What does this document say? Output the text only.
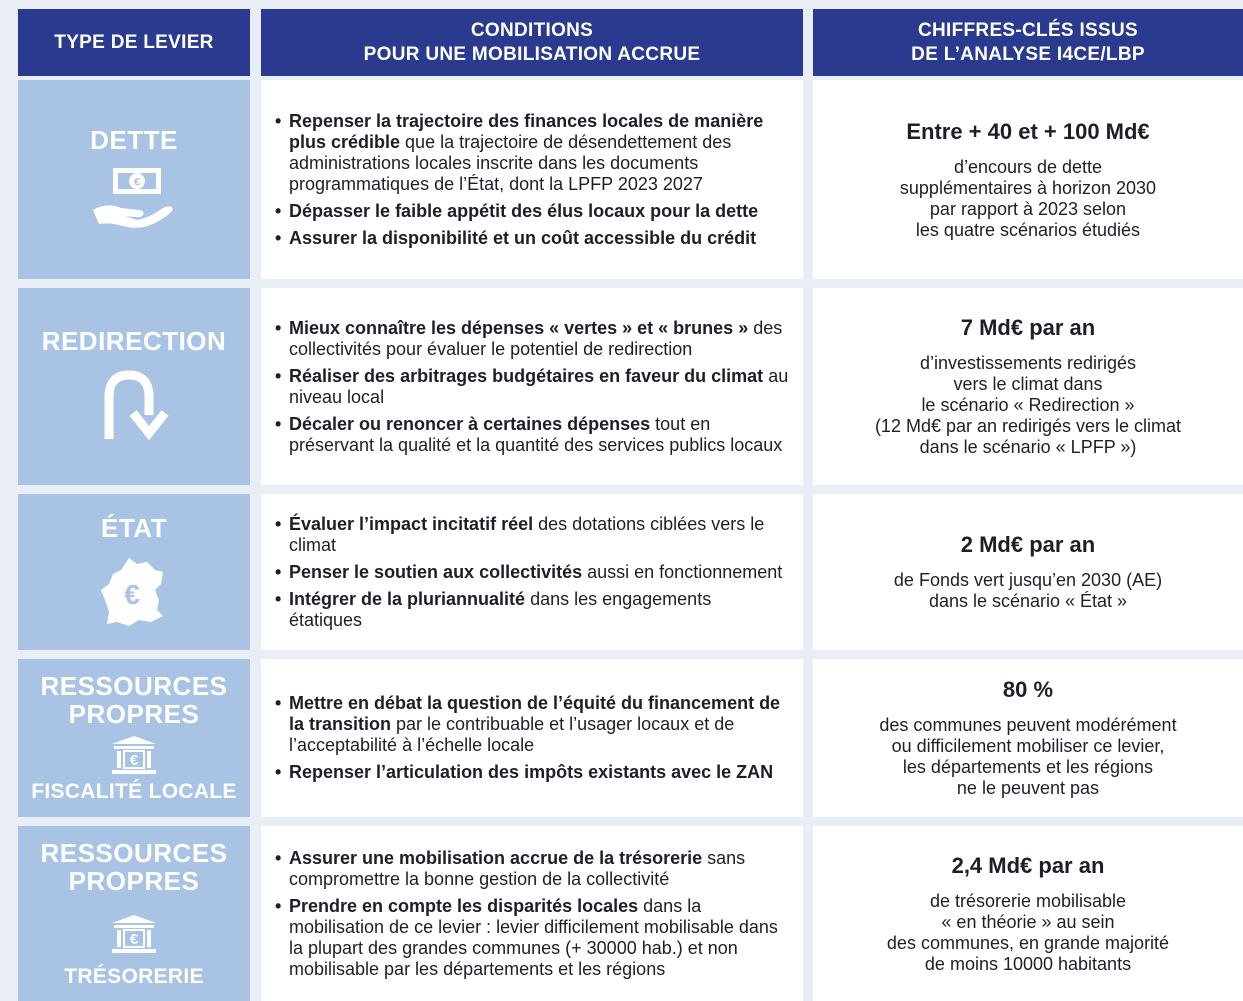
TYPE DE LEVIER
CONDITIONS
POUR UNE MOBILISATION ACCRUE
CHIFFRES-CLÉS ISSUS
DE L’ANALYSE I4CE/LBP
DETTE
€
• Repenser la trajectoire des finances locales de manière plus crédible que la trajectoire de désendettement des administrations locales inscrite dans les documents programmatiques de l’État, dont la LPFP 2023 2027
• Dépasser le faible appétit des élus locaux pour la dette
• Assurer la disponibilité et un coût accessible du crédit
Entre + 40 et + 100 Md€
d’encours de dette
supplémentaires à horizon 2030
par rapport à 2023 selon
les quatre scénarios étudiés
REDIRECTION	• Mieux connaître les dépenses « vertes » et « brunes » des collectivités pour évaluer le potentiel de redirection
• Réaliser des arbitrages budgétaires en faveur du climat au niveau local
• Décaler ou renoncer à certaines dépenses tout en préservant la qualité et la quantité des services publics locaux
7 Md€ par an
d’investissements redirigés
vers le climat dans
le scénario « Redirection »
(12 Md€ par an redirigés vers le climat
dans le scénario « LPFP »)
ÉTAT
€
• Évaluer l’impact incitatif réel des dotations ciblées vers le climat
• Penser le soutien aux collectivités aussi en fonctionnement
• Intégrer de la pluriannualité dans les engagements étatiques
2 Md€ par an
de Fonds vert jusqu’en 2030 (AE)
dans le scénario « État »
RESSOURCES
PROPRES
€
FISCALITÉ LOCALE
• Mettre en débat la question de l’équité du financement de la transition par le contribuable et l’usager locaux et de l’acceptabilité à l’échelle locale
• Repenser l’articulation des impôts existants avec le ZAN
80 %
des communes peuvent modérément
ou difficilement mobiliser ce levier,
les départements et les régions
ne le peuvent pas
RESSOURCES
PROPRES
€
TRÉSORERIE
• Assurer une mobilisation accrue de la trésorerie sans compromettre la bonne gestion de la collectivité
• Prendre en compte les disparités locales dans la mobilisation de ce levier : levier difficilement mobilisable dans la plupart des grandes communes (+ 30000 hab.) et non mobilisable par les départements et les régions
2,4 Md€ par an
de trésorerie mobilisable
« en théorie » au sein
des communes, en grande majorité
de moins 10000 habitants
